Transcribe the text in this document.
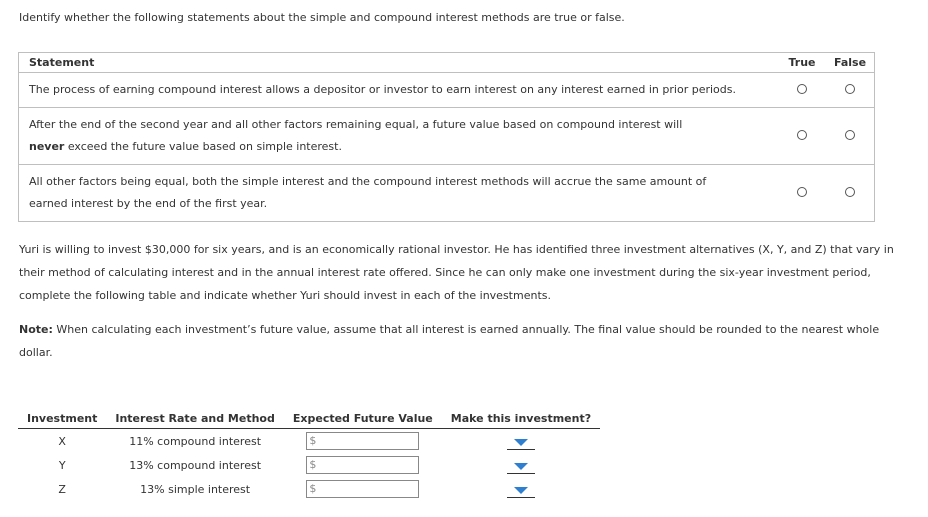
Identify whether the following statements about the simple and compound interest methods are true or false.
Statement	True	False
The process of earning compound interest allows a depositor or investor to earn interest on any interest earned in prior periods.		
After the end of the second year and all other factors remaining equal, a future value based on compound interest will
never exceed the future value based on simple interest.		
All other factors being equal, both the simple interest and the compound interest methods will accrue the same amount of
earned interest by the end of the first year.		
Yuri is willing to invest $30,000 for six years, and is an economically rational investor. He has identified three investment alternatives (X, Y, and Z) that vary in their method of calculating interest and in the annual interest rate offered. Since he can only make one investment during the six-year investment period, complete the following table and indicate whether Yuri should invest in each of the investments.
Note: When calculating each investment’s future value, assume that all interest is earned annually. The final value should be rounded to the nearest whole dollar.
Investment	Interest Rate and Method	Expected Future Value	Make this investment?
X	11% compound interest	$	

Y	13% compound interest	$	

Z	13% simple interest	$	
